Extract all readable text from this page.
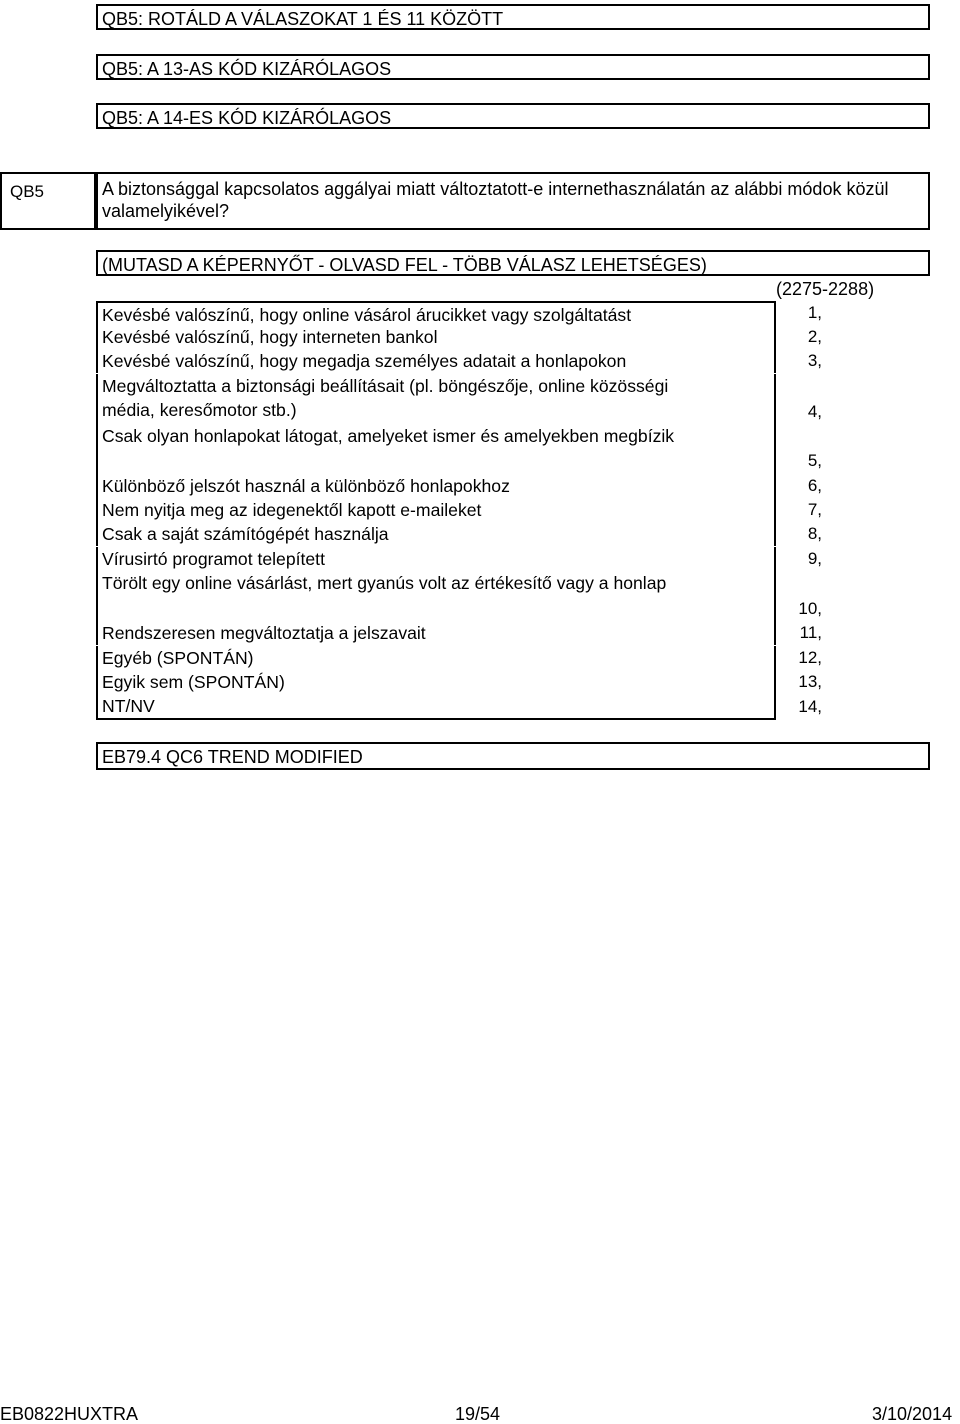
QB5: ROTÁLD A VÁLASZOKAT 1 ÉS 11 KÖZÖTT
QB5: A 13-AS KÓD KIZÁRÓLAGOS
QB5: A 14-ES KÓD KIZÁRÓLAGOS
QB5	A biztonsággal kapcsolatos aggályai miatt változtatott-e internethasználatán az alábbi módok közül valamelyikével?
(MUTASD A KÉPERNYŐT - OLVASD FEL - TÖBB VÁLASZ LEHETSÉGES)
(2275-2288)
Kevésbé valószínű, hogy online vásárol árucikket vagy szolgáltatást	1,
Kevésbé valószínű, hogy interneten bankol	2,
Kevésbé valószínű, hogy megadja személyes adatait a honlapokon	3,
Megváltoztatta a biztonsági beállításait (pl. böngészője, online közösségi
média, keresőmotor stb.)	4,
Csak olyan honlapokat látogat, amelyeket ismer és amelyekben megbízik
5,
Különböző jelszót használ a különböző honlapokhoz	6,
Nem nyitja meg az idegenektől kapott e-maileket	7,
Csak a saját számítógépét használja	8,
Vírusirtó programot telepített	9,
Törölt egy online vásárlást, mert gyanús volt az értékesítő vagy a honlap
10,
Rendszeresen megváltoztatja a jelszavait	11,
Egyéb (SPONTÁN)	12,
Egyik sem (SPONTÁN)	13,
NT/NV	14,
EB79.4 QC6 TREND MODIFIED
EB0822HUXTRA	19/54	3/10/2014
